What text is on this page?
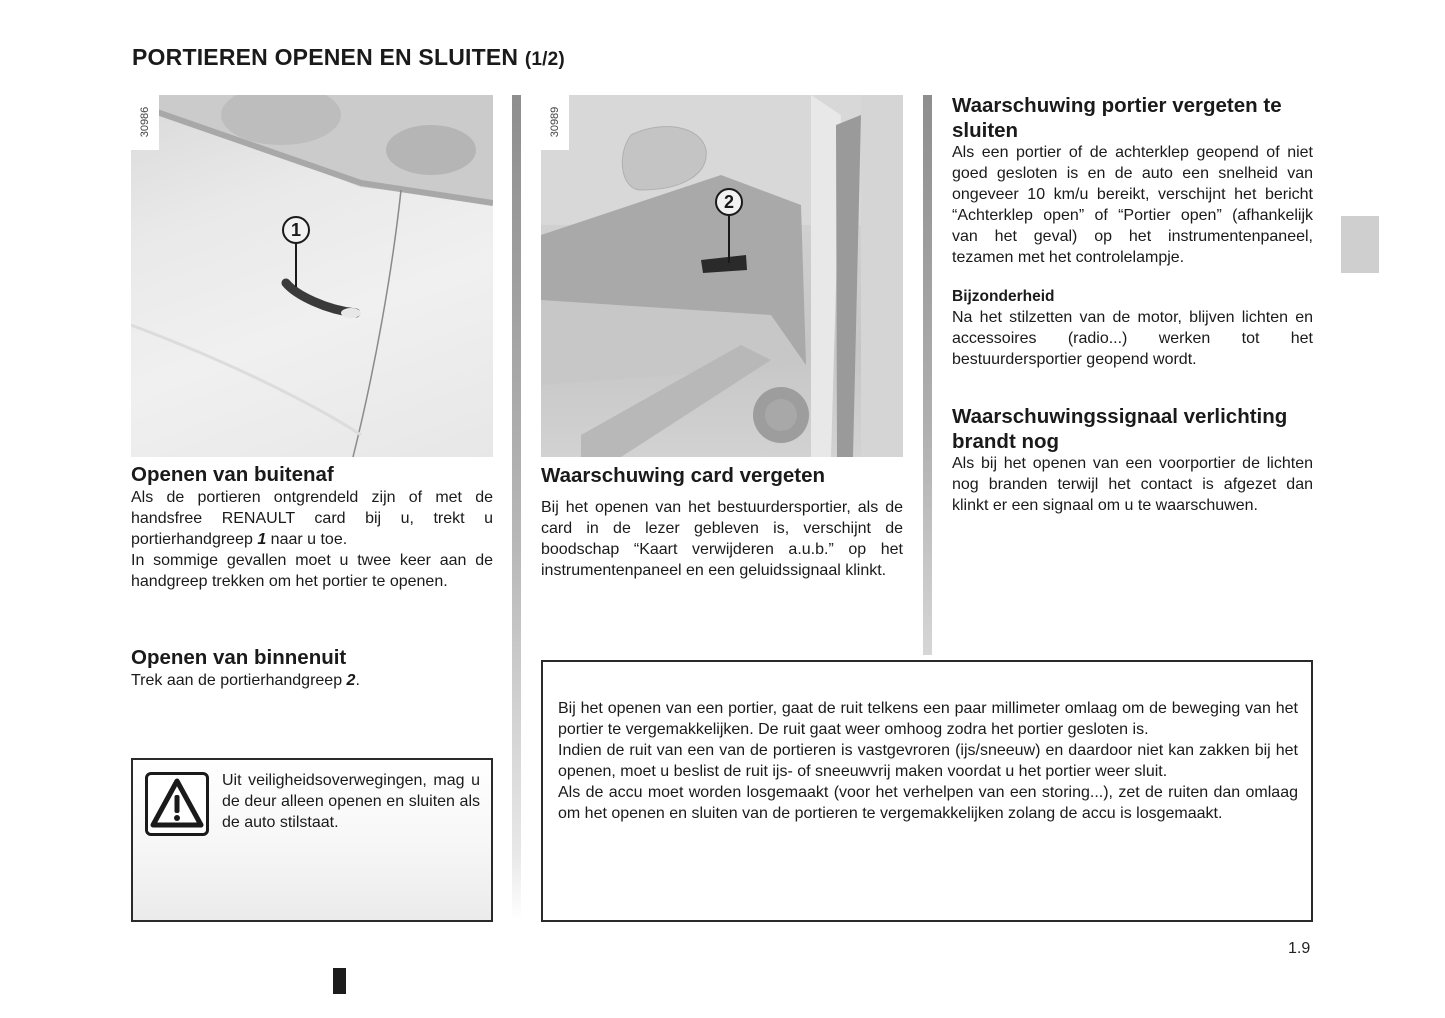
PORTIEREN OPENEN EN SLUITEN (1/2)
30986
1
30989
2
Openen van buitenaf
Als de portieren ontgrendeld zijn of met de handsfree RENAULT card bij u, trekt u portierhandgreep 1 naar u toe.
In sommige gevallen moet u twee keer aan de handgreep trekken om het portier te openen.
Openen van binnenuit
Trek aan de portierhandgreep 2.
Uit veiligheidsoverwegingen, mag u de deur alleen openen en sluiten als de auto stilstaat.
Waarschuwing card vergeten
Bij het openen van het bestuurdersportier, als de card in de lezer gebleven is, verschijnt de boodschap “Kaart verwijderen a.u.b.” op het instrumentenpaneel en een geluidssignaal klinkt.
Waarschuwing portier vergeten te sluiten
Als een portier of de achterklep geopend of niet goed gesloten is en de auto een snelheid van ongeveer 10 km/u bereikt, verschijnt het bericht “Achterklep open” of “Portier open” (afhankelijk van het geval) op het instrumentenpaneel, tezamen met het controlelampje.
Bijzonderheid
Na het stilzetten van de motor, blijven lichten en accessoires (radio...) werken tot het bestuurdersportier geopend wordt.
Waarschuwingssignaal verlichting brandt nog
Als bij het openen van een voorportier de lichten nog branden terwijl het contact is afgezet dan klinkt er een signaal om u te waarschuwen.
Bij het openen van een portier, gaat de ruit telkens een paar millimeter omlaag om de beweging van het portier te vergemakkelijken. De ruit gaat weer omhoog zodra het portier gesloten is.
Indien de ruit van een van de portieren is vastgevroren (ijs/sneeuw) en daardoor niet kan zakken bij het openen, moet u beslist de ruit ijs- of sneeuwvrij maken voordat u het portier weer sluit.
Als de accu moet worden losgemaakt (voor het verhelpen van een storing...), zet de ruiten dan omlaag om het openen en sluiten van de portieren te vergemakkelijken zolang de accu is losgemaakt.
1.9
